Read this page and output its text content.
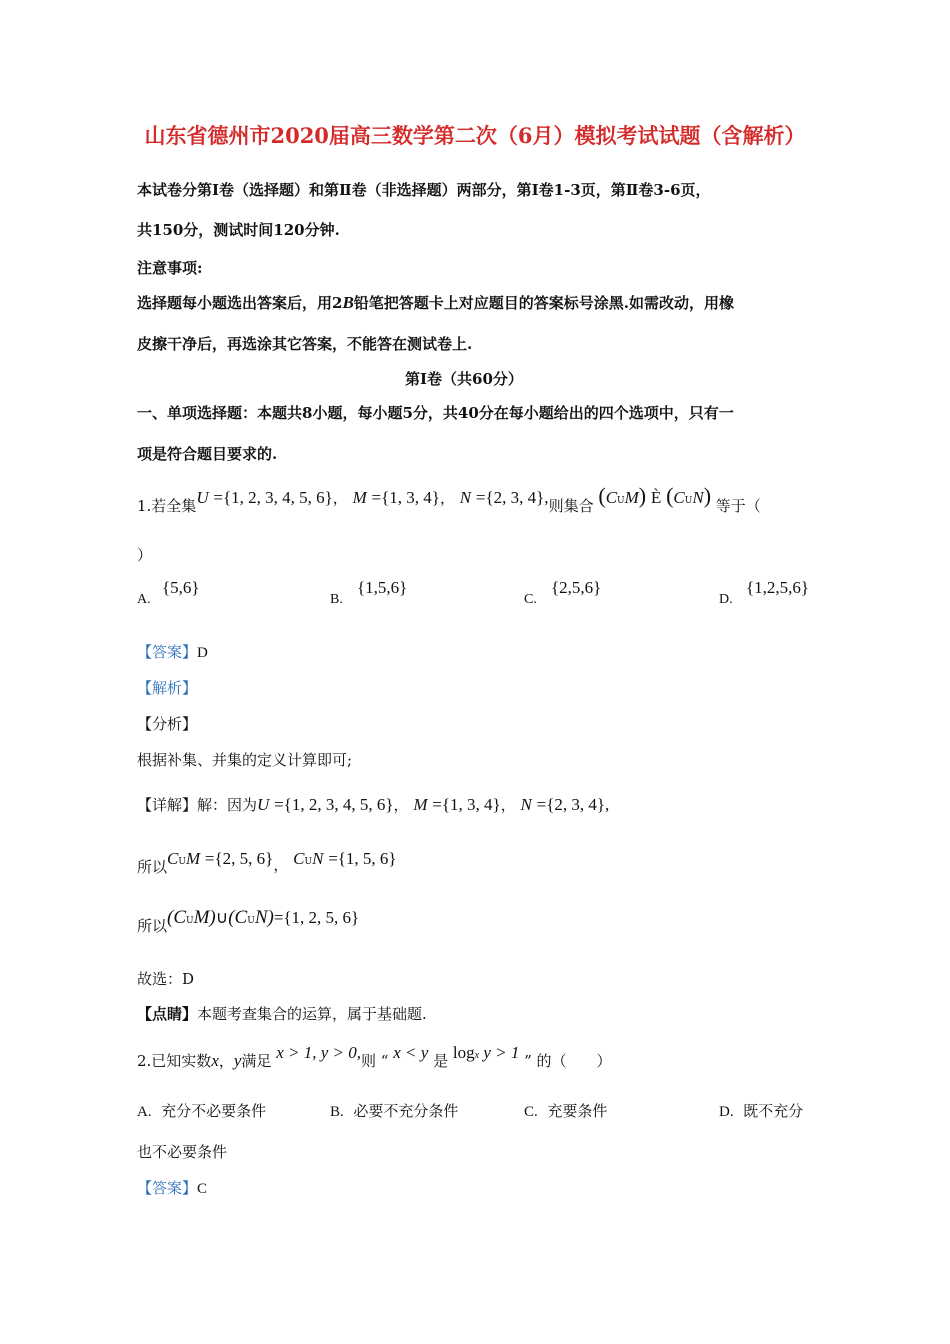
山东省德州市2020届高三数学第二次（6月）模拟考试试题（含解析）
本试卷分第Ⅰ卷（选择题）和第Ⅱ卷（非选择题）两部分，第Ⅰ卷1-3页，第Ⅱ卷3-6页，
共150分，测试时间120分钟.
注意事项:
选择题每小题选出答案后，用2B铅笔把答题卡上对应题目的答案标号涂黑.如需改动，用橡
皮擦干净后，再选涂其它答案，不能答在测试卷上.
第Ⅰ卷（共60分）
一、单项选择题：本题共8小题，每小题5分，共40分在每小题给出的四个选项中，只有一
项是符合题目要求的.
1.若全集U ={1, 2, 3, 4, 5, 6}， M ={1, 3, 4}， N ={2, 3, 4},则集合 (CUM) È (CUN) 等于（
）
A.
{5,6}
B.
{1,5,6}
C.
{2,5,6}
D.
{1,2,5,6}
【答案】D
【解析】
【分析】
根据补集、并集的定义计算即可;
【详解】解：因为U ={1, 2, 3, 4, 5, 6}， M ={1, 3, 4}， N ={2, 3, 4},
所以CUM ={2, 5, 6}， CUN ={1, 5, 6}
所以(CUM)∪(CUN)={1, 2, 5, 6}
故选：D
【点睛】本题考查集合的运算，属于基础题.
2.已知实数x，y满足 x > 1, y > 0,则 “ x < y 是 logx y > 1 ” 的（　　）
A. 充分不必要条件	B. 必要不充分条件	C. 充要条件	D. 既不充分
也不必要条件
【答案】C
